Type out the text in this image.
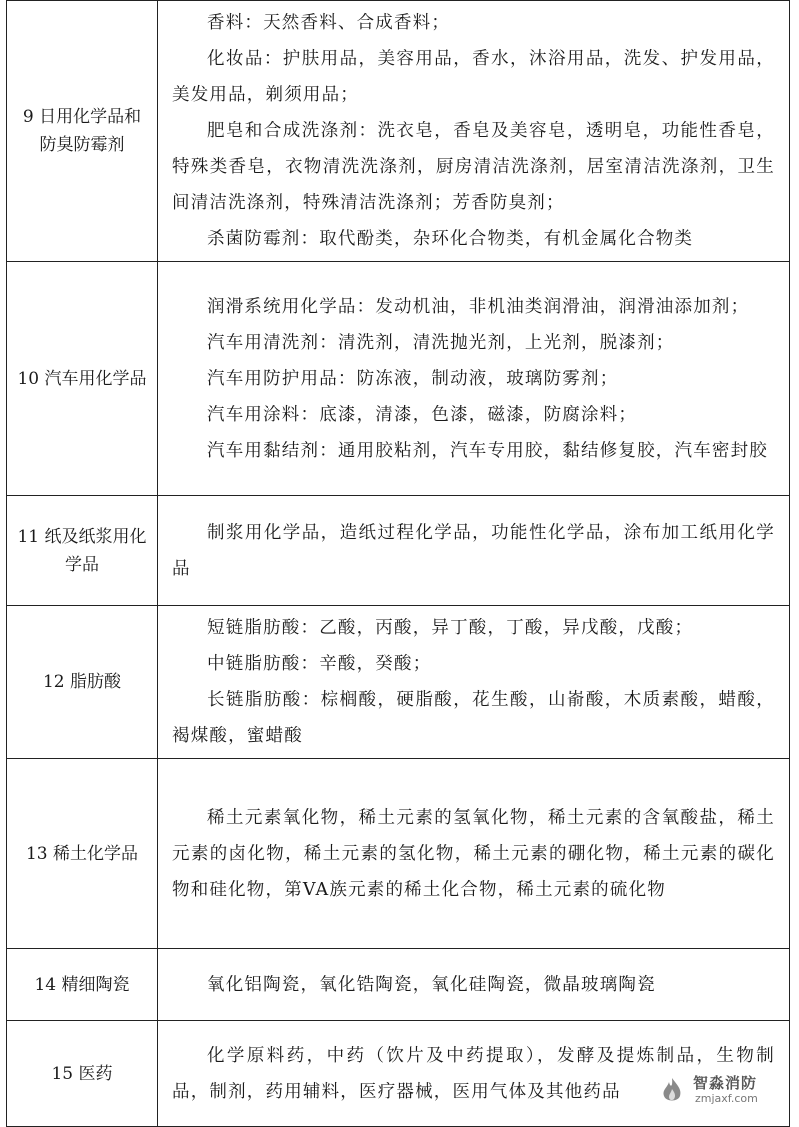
9 日用化学品和防臭防霉剂	香料：天然香料、合成香料；

化妆品：护肤用品，美容用品，香水，沐浴用品，洗发、护发用品，美发用品，剃须用品；

肥皂和合成洗涤剂：洗衣皂，香皂及美容皂，透明皂，功能性香皂，特殊类香皂，衣物清洗洗涤剂，厨房清洁洗涤剂，居室清洁洗涤剂，卫生间清洁洗涤剂，特殊清洁洗涤剂；芳香防臭剂；

杀菌防霉剂：取代酚类，杂环化合物类，有机金属化合物类

10 汽车用化学品	润滑系统用化学品：发动机油，非机油类润滑油，润滑油添加剂；

汽车用清洗剂：清洗剂，清洗抛光剂，上光剂，脱漆剂；

汽车用防护用品：防冻液，制动液，玻璃防雾剂；

汽车用涂料：底漆，清漆，色漆，磁漆，防腐涂料；

汽车用黏结剂：通用胶粘剂，汽车专用胶，黏结修复胶，汽车密封胶

11 纸及纸浆用化学品	制浆用化学品，造纸过程化学品，功能性化学品，涂布加工纸用化学品

12 脂肪酸	短链脂肪酸：乙酸，丙酸，异丁酸，丁酸，异戊酸，戊酸；

中链脂肪酸：辛酸，癸酸；

长链脂肪酸：棕榈酸，硬脂酸，花生酸，山嵛酸，木质素酸，蜡酸，褐煤酸，蜜蜡酸

13 稀土化学品	稀土元素氧化物，稀土元素的氢氧化物，稀土元素的含氧酸盐，稀土元素的卤化物，稀土元素的氢化物，稀土元素的硼化物，稀土元素的碳化物和硅化物，第VA族元素的稀土化合物，稀土元素的硫化物

14 精细陶瓷	氧化铝陶瓷，氧化锆陶瓷，氧化硅陶瓷，微晶玻璃陶瓷

15 医药	化学原料药，中药（饮片及中药提取），发酵及提炼制品，生物制品，制剂，药用辅料，医疗器械，医用气体及其他药品	智淼消防
zmjaxf.com
